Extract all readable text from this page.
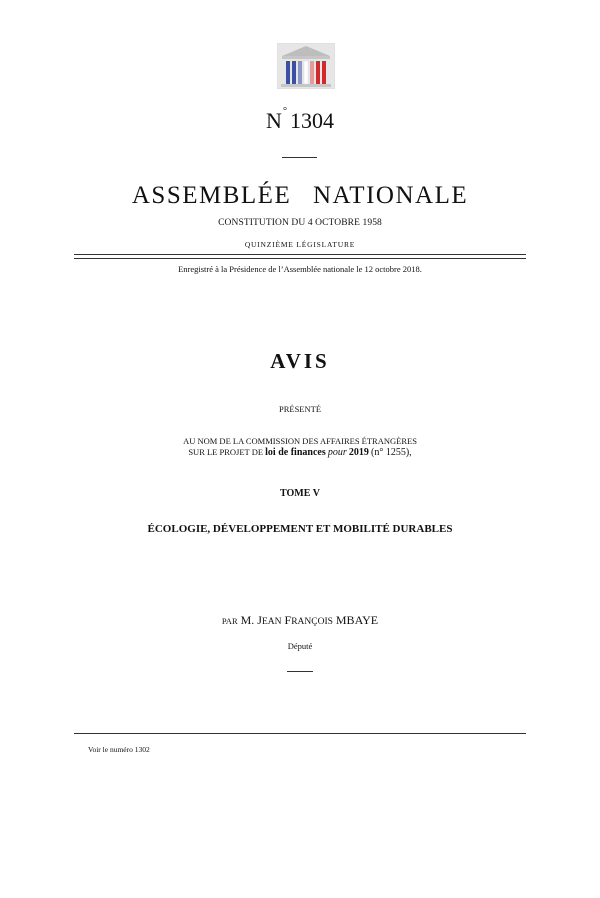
N° 1304
ASSEMBLÉE NATIONALE
CONSTITUTION DU 4 OCTOBRE 1958
QUINZIÈME LÉGISLATURE
Enregistré à la Présidence de l’Assemblée nationale le 12 octobre 2018.
AVIS
PRÉSENTÉ
AU NOM DE LA COMMISSION DES AFFAIRES ÉTRANGÈRES
SUR LE PROJET DE loi de finances pour 2019 (n° 1255),
TOME V
ÉCOLOGIE, DÉVELOPPEMENT ET MOBILITÉ DURABLES
PAR M. JEAN FRANÇOIS MBAYE
Député
Voir le numéro 1302
